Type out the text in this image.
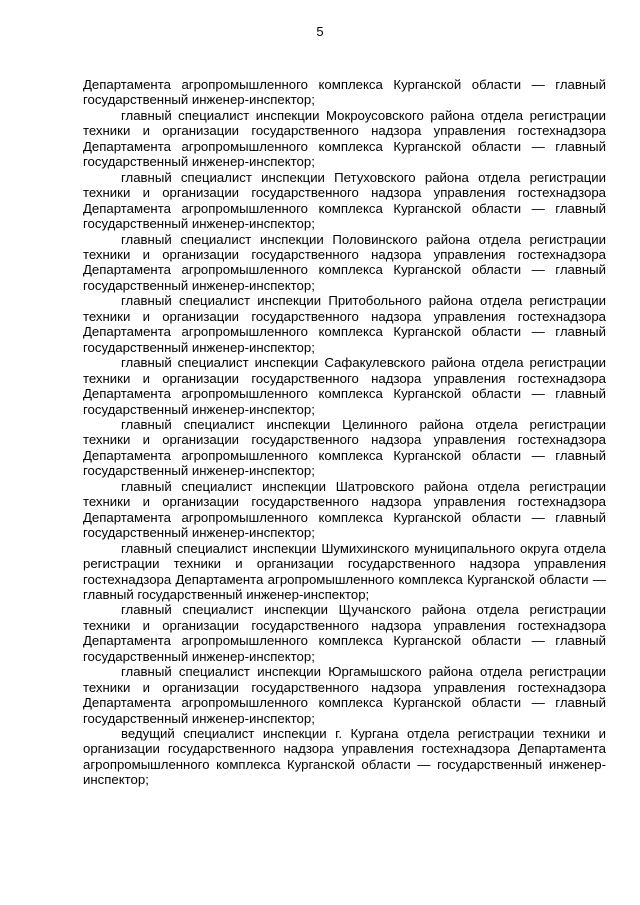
5

Департамента агропромышленного комплекса Курганской области — главный государственный инженер-инспектор;

главный специалист инспекции Мокроусовского района отдела регистрации техники и организации государственного надзора управления гостехнадзора Департамента агропромышленного комплекса Курганской области — главный государственный инженер-инспектор;

главный специалист инспекции Петуховского района отдела регистрации техники и организации государственного надзора управления гостехнадзора Департамента агропромышленного комплекса Курганской области — главный государственный инженер-инспектор;

главный специалист инспекции Половинского района отдела регистрации техники и организации государственного надзора управления гостехнадзора Департамента агропромышленного комплекса Курганской области — главный государственный инженер-инспектор;

главный специалист инспекции Притобольного района отдела регистрации техники и организации государственного надзора управления гостехнадзора Департамента агропромышленного комплекса Курганской области — главный государственный инженер-инспектор;

главный специалист инспекции Сафакулевского района отдела регистрации техники и организации государственного надзора управления гостехнадзора Департамента агропромышленного комплекса Курганской области — главный государственный инженер-инспектор;

главный специалист инспекции Целинного района отдела регистрации техники и организации государственного надзора управления гостехнадзора Департамента агропромышленного комплекса Курганской области — главный государственный инженер-инспектор;

главный специалист инспекции Шатровского района отдела регистрации техники и организации государственного надзора управления гостехнадзора Департамента агропромышленного комплекса Курганской области — главный государственный инженер-инспектор;

главный специалист инспекции Шумихинского муниципального округа отдела регистрации техники и организации государственного надзора управления гостехнадзора Департамента агропромышленного комплекса Курганской области — главный государственный инженер-инспектор;

главный специалист инспекции Щучанского района отдела регистрации техники и организации государственного надзора управления гостехнадзора Департамента агропромышленного комплекса Курганской области — главный государственный инженер-инспектор;

главный специалист инспекции Юргамышского района отдела регистрации техники и организации государственного надзора управления гостехнадзора Департамента агропромышленного комплекса Курганской области — главный государственный инженер-инспектор;

ведущий специалист инспекции г. Кургана отдела регистрации техники и организации государственного надзора управления гостехнадзора Департамента агропромышленного комплекса Курганской области — государственный инженер-инспектор;
